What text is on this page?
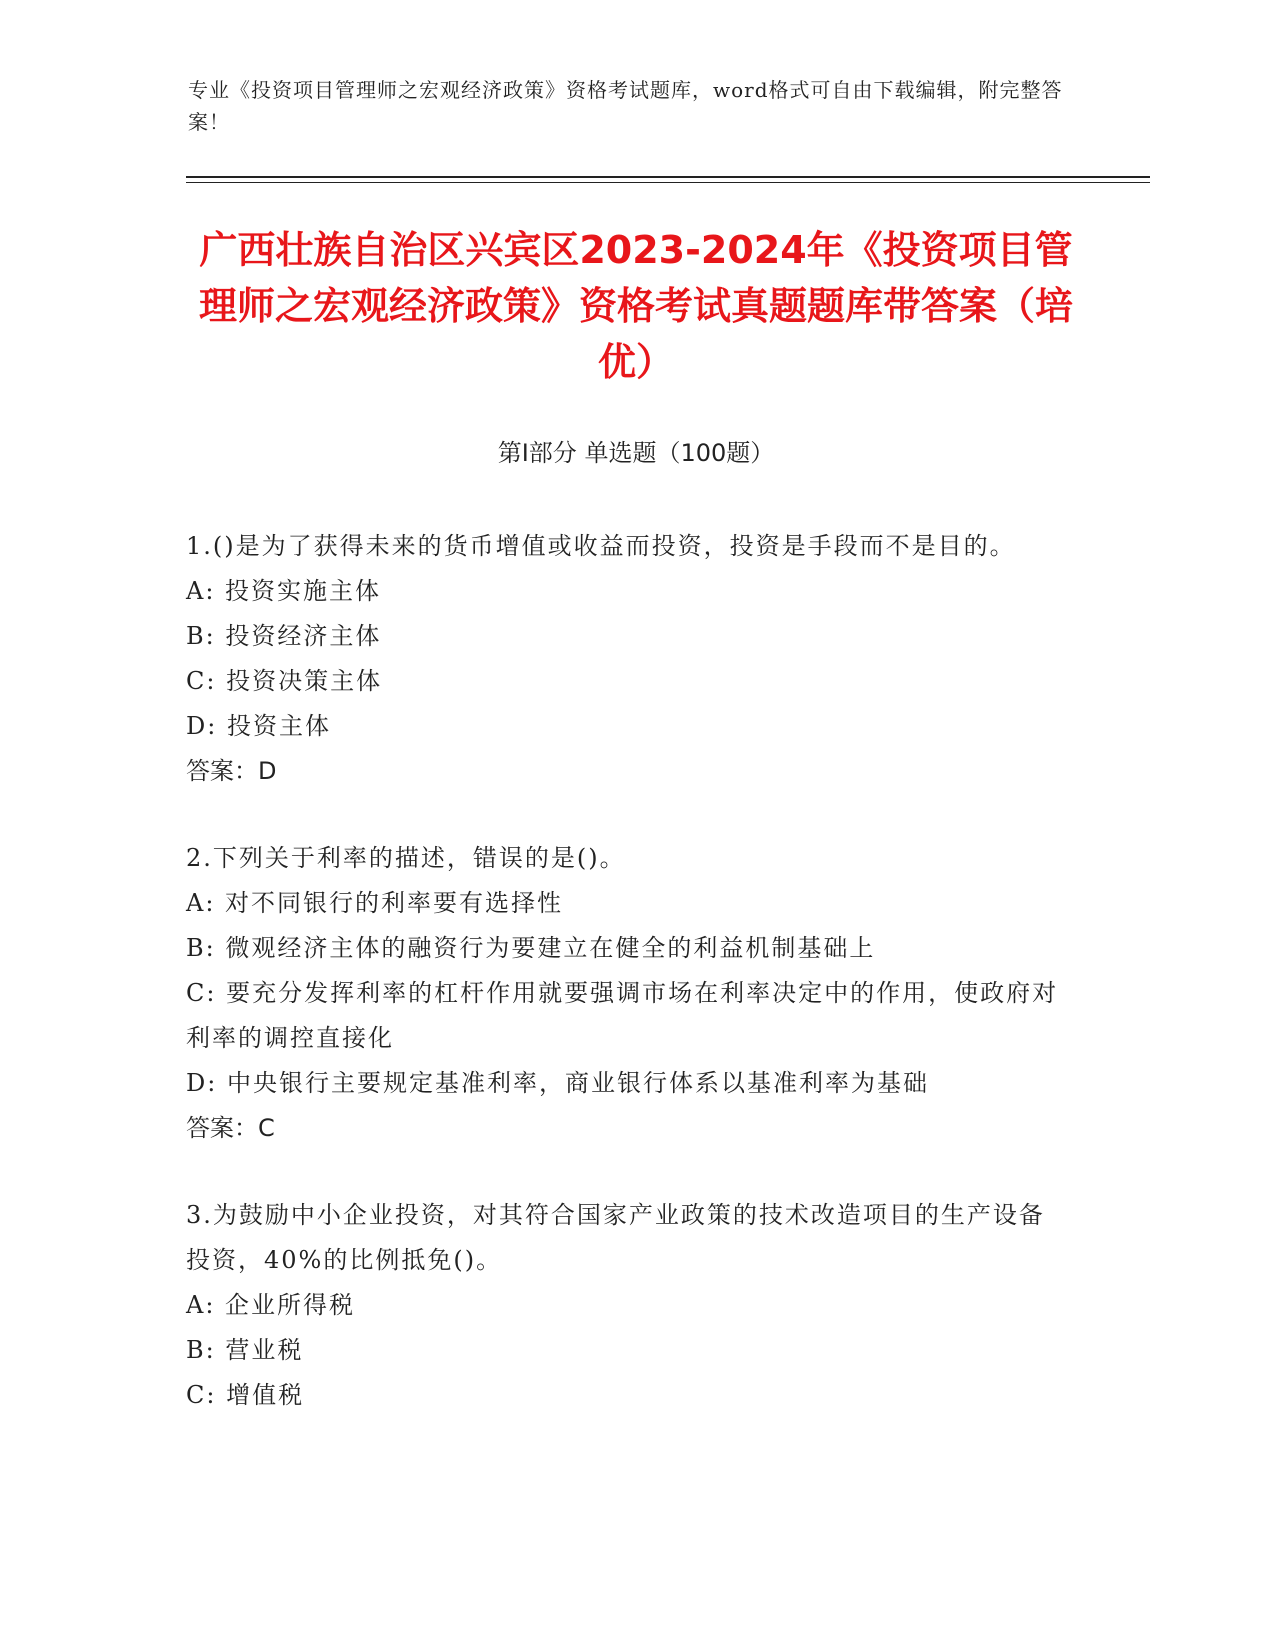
专业《投资项目管理师之宏观经济政策》资格考试题库，word格式可自由下载编辑，附完整答案！
广西壮族自治区兴宾区2023-2024年《投资项目管理师之宏观经济政策》资格考试真题题库带答案（培优）
第I部分 单选题（100题）
1.()是为了获得未来的货币增值或收益而投资，投资是手段而不是目的。
A: 投资实施主体
B: 投资经济主体
C: 投资决策主体
D: 投资主体
答案：D
2.下列关于利率的描述，错误的是()。
A: 对不同银行的利率要有选择性
B: 微观经济主体的融资行为要建立在健全的利益机制基础上
C: 要充分发挥利率的杠杆作用就要强调市场在利率决定中的作用，使政府对利率的调控直接化
D: 中央银行主要规定基准利率，商业银行体系以基准利率为基础
答案：C
3.为鼓励中小企业投资，对其符合国家产业政策的技术改造项目的生产设备投资，40%的比例抵免()。
A: 企业所得税
B: 营业税
C: 增值税
